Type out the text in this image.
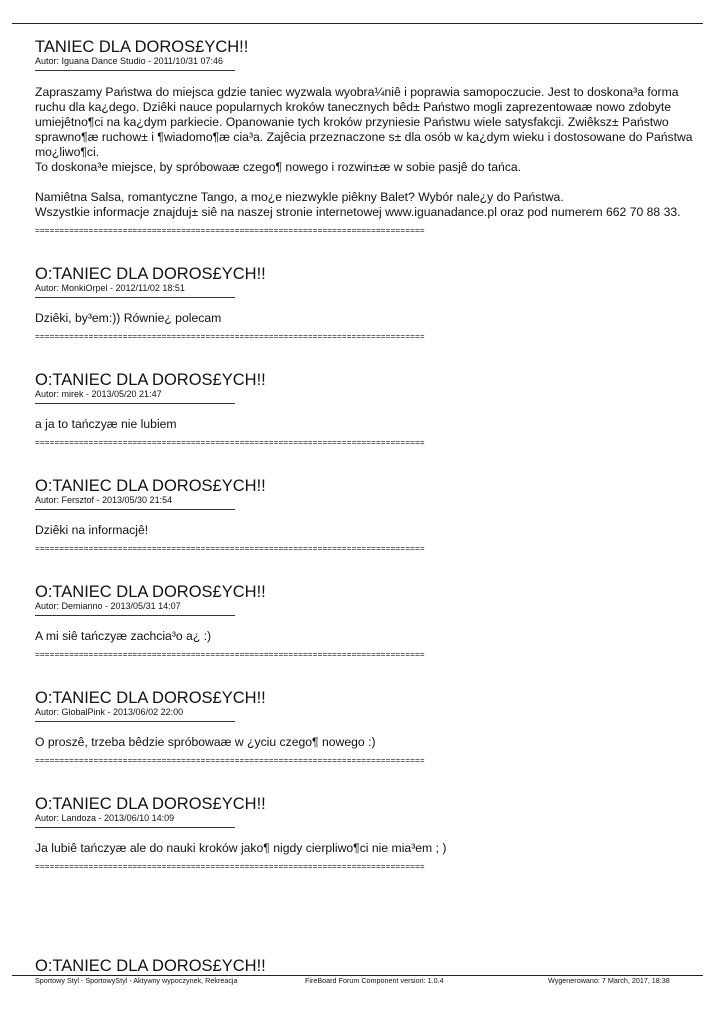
TANIEC DLA DOROS£YCH!!
Autor: Iguana Dance Studio - 2011/10/31 07:46

Zapraszamy Państwa do miejsca gdzie taniec wyzwala wyobra¼niê i poprawia samopoczucie. Jest to doskona³a forma ruchu dla ka¿dego. Dziêki nauce popularnych kroków tanecznych bêd± Państwo mogli zaprezentowaæ nowo zdobyte umiejêtno¶ci na ka¿dym parkiecie. Opanowanie tych kroków przyniesie Państwu wiele satysfakcji. Zwiêksz± Państwo sprawno¶æ ruchow± i ¶wiadomo¶æ cia³a. Zajêcia przeznaczone s± dla osób w ka¿dym wieku i dostosowane do Państwa mo¿liwo¶ci.

To doskona³e miejsce, by spróbowaæ czego¶ nowego i rozwin±æ w sobie pasjê do tańca.

Namiêtna Salsa, romantyczne Tango, a mo¿e niezwykle piêkny Balet? Wybór nale¿y do Państwa.

Wszystkie informacje znajduj± siê na naszej stronie internetowej www.iguanadance.pl oraz pod numerem 662 70 88 33.

================================================================================
O:TANIEC DLA DOROS£YCH!!
Autor: MonkiOrpel - 2012/11/02 18:51

Dziêki, by³em:)) Równie¿ polecam

================================================================================
O:TANIEC DLA DOROS£YCH!!
Autor: mirek - 2013/05/20 21:47

a ja to tańczyæ nie lubiem

================================================================================
O:TANIEC DLA DOROS£YCH!!
Autor: Fersztof - 2013/05/30 21:54

Dziêki na informacjê!

================================================================================
O:TANIEC DLA DOROS£YCH!!
Autor: Demianno - 2013/05/31 14:07

A mi siê tańczyæ zachcia³o a¿ :)

================================================================================
O:TANIEC DLA DOROS£YCH!!
Autor: GlobalPink - 2013/06/02 22:00

O proszê, trzeba bêdzie spróbowaæ w ¿yciu czego¶ nowego :)

================================================================================
O:TANIEC DLA DOROS£YCH!!
Autor: Landoza - 2013/06/10 14:09

Ja lubiê tańczyæ ale do nauki kroków jako¶ nigdy cierpliwo¶ci nie mia³em ; )

================================================================================
O:TANIEC DLA DOROS£YCH!!
Sportowy Styl - SportowyStyl - Aktywny wypoczynek, Rekreacja	FireBoard Forum Component version: 1.0.4	Wygenerowano: 7 March, 2017, 18:38
